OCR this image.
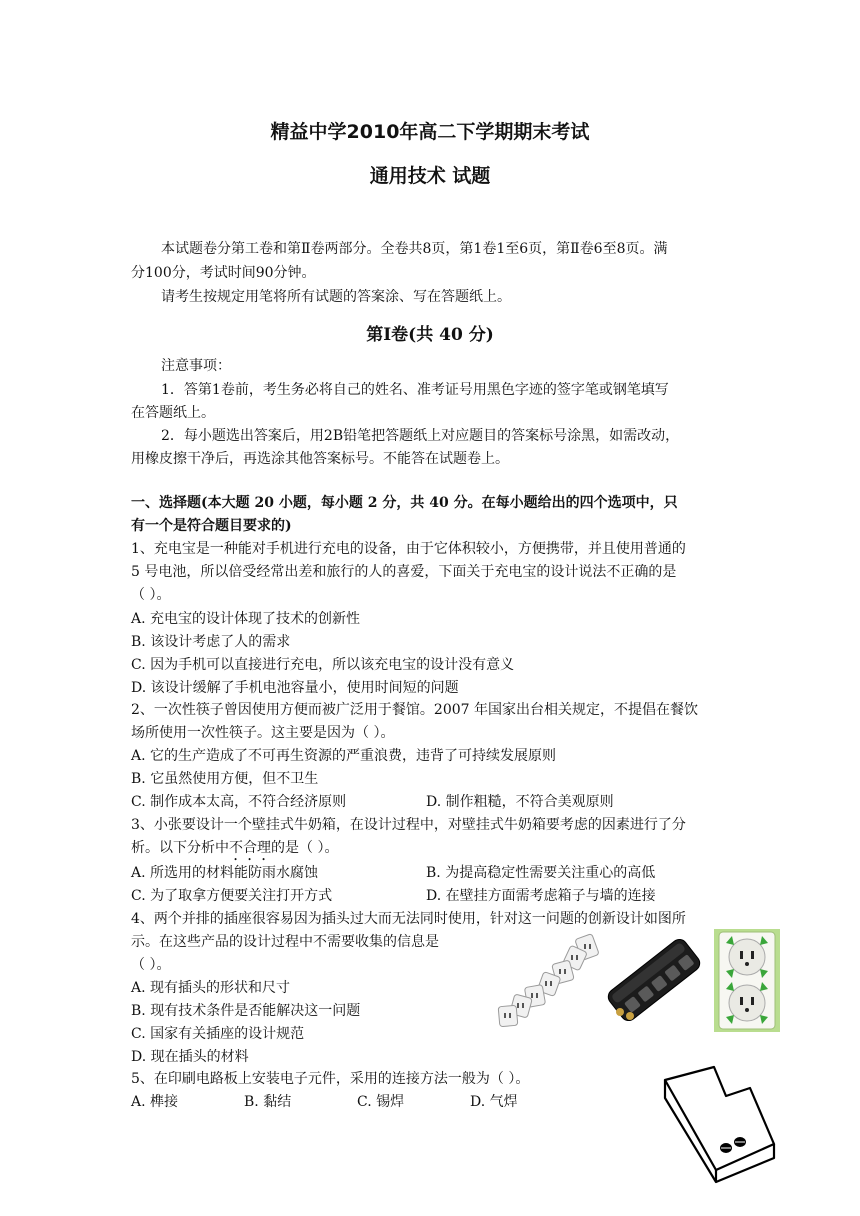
精益中学2010年高二下学期期末考试
通用技术 试题
本试题卷分第工卷和第Ⅱ卷两部分。全卷共8页，第1卷1至6页，第Ⅱ卷6至8页。满
分100分，考试时间90分钟。
请考生按规定用笔将所有试题的答案涂、写在答题纸上。
第Ⅰ卷(共 40 分)
注意事项：
1．答第1卷前，考生务必将自己的姓名、准考证号用黑色字迹的签字笔或钢笔填写
在答题纸上。
2．每小题选出答案后，用2B铅笔把答题纸上对应题目的答案标号涂黑，如需改动，
用橡皮擦干净后，再选涂其他答案标号。不能答在试题卷上。
一、选择题(本大题 20 小题，每小题 2 分，共 40 分。在每小题给出的四个选项中，只
有一个是符合题目要求的)
1、充电宝是一种能对手机进行充电的设备，由于它体积较小，方便携带，并且使用普通的
5 号电池，所以倍受经常出差和旅行的人的喜爱，下面关于充电宝的设计说法不正确的是
（ ）。
A. 充电宝的设计体现了技术的创新性
B. 该设计考虑了人的需求
C. 因为手机可以直接进行充电，所以该充电宝的设计没有意义
D. 该设计缓解了手机电池容量小，使用时间短的问题
2、一次性筷子曾因使用方便而被广泛用于餐馆。2007 年国家出台相关规定，不提倡在餐饮
场所使用一次性筷子。这主要是因为（ ）。
A. 它的生产造成了不可再生资源的严重浪费，违背了可持续发展原则
B. 它虽然使用方便，但不卫生
C. 制作成本太高，不符合经济原则	D. 制作粗糙，不符合美观原则
3、小张要设计一个壁挂式牛奶箱，在设计过程中，对壁挂式牛奶箱要考虑的因素进行了分
析。以下分析中不合理的是（ ）。
A. 所选用的材料能防雨水腐蚀	B. 为提高稳定性需要关注重心的高低
C. 为了取拿方便要关注打开方式	D. 在壁挂方面需考虑箱子与墙的连接
4、两个并排的插座很容易因为插头过大而无法同时使用，针对这一问题的创新设计如图所
示。在这些产品的设计过程中不需要收集的信息是
（ ）。
A. 现有插头的形状和尺寸
B. 现有技术条件是否能解决这一问题
C. 国家有关插座的设计规范
D. 现在插头的材料
5、在印刷电路板上安装电子元件，采用的连接方法一般为（ ）。
A. 榫接	B. 黏结	C. 锡焊	D. 气焊
